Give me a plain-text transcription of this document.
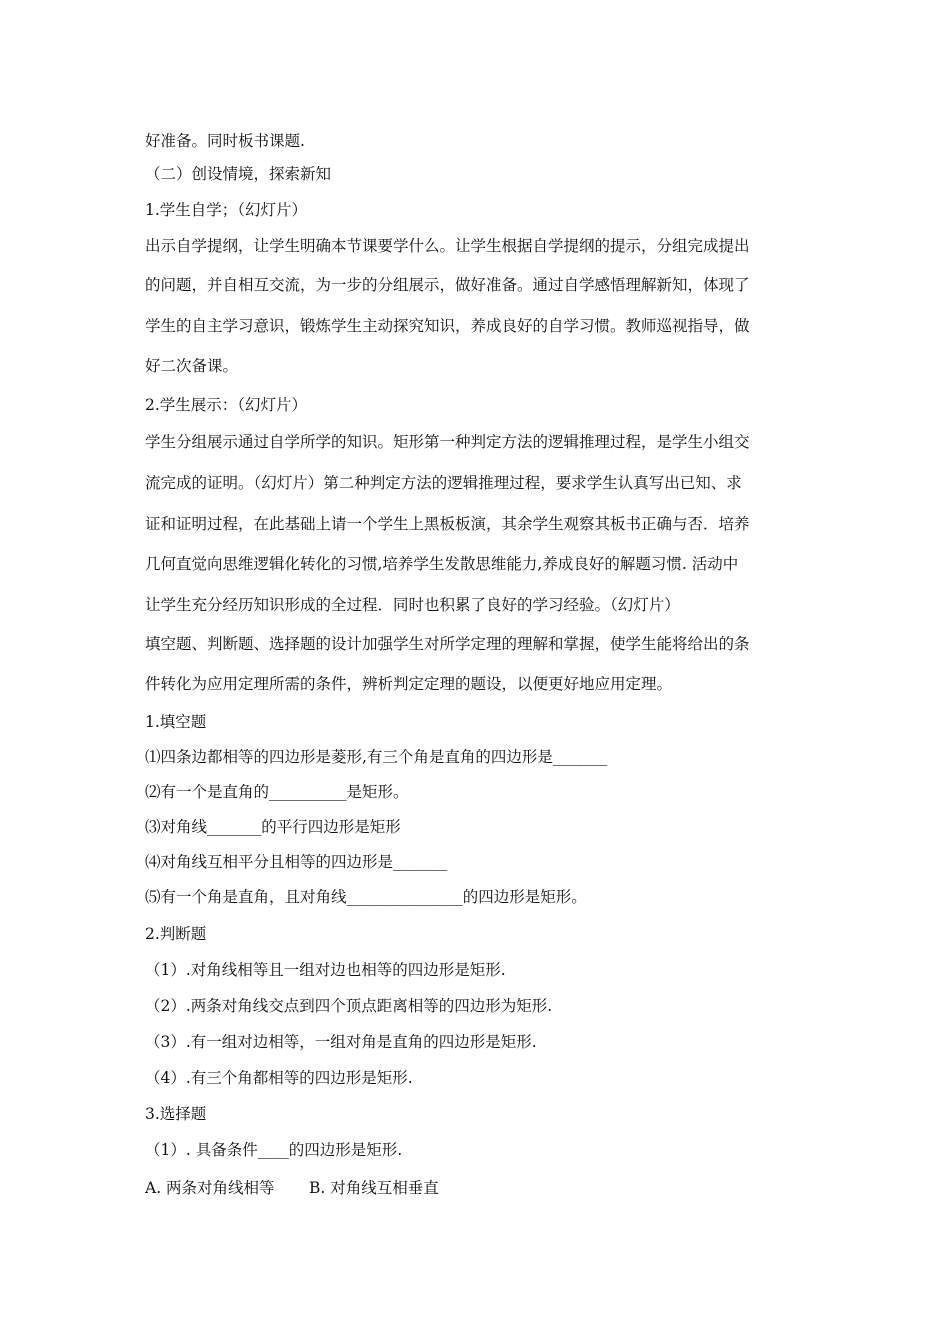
好准备。同时板书课题.

（二）创设情境，探索新知

1.学生自学；（幻灯片）

出示自学提纲，让学生明确本节课要学什么。让学生根据自学提纲的提示，分组完成提出

的问题，并自相互交流，为一步的分组展示，做好准备。通过自学感悟理解新知，体现了

学生的自主学习意识，锻炼学生主动探究知识，养成良好的自学习惯。教师巡视指导，做

好二次备课。

2.学生展示：（幻灯片）

学生分组展示通过自学所学的知识。矩形第一种判定方法的逻辑推理过程，是学生小组交

流完成的证明。（幻灯片）第二种判定方法的逻辑推理过程，要求学生认真写出已知、求

证和证明过程，在此基础上请一个学生上黑板板演，其余学生观察其板书正确与否．培养

几何直觉向思维逻辑化转化的习惯,培养学生发散思维能力,养成良好的解题习惯. 活动中

让学生充分经历知识形成的全过程．同时也积累了良好的学习经验。（幻灯片）

填空题、判断题、选择题的设计加强学生对所学定理的理解和掌握，使学生能将给出的条

件转化为应用定理所需的条件，辨析判定定理的题设，以便更好地应用定理。

1.填空题

⑴四条边都相等的四边形是菱形,有三个角是直角的四边形是_______

⑵有一个是直角的__________是矩形。

⑶对角线_______的平行四边形是矩形

⑷对角线互相平分且相等的四边形是_______

⑸有一个角是直角，且对角线_______________的四边形是矩形。

2.判断题

（1）.对角线相等且一组对边也相等的四边形是矩形.

（2）.两条对角线交点到四个顶点距离相等的四边形为矩形.

（3）.有一组对边相等，一组对角是直角的四边形是矩形.

（4）.有三个角都相等的四边形是矩形.

3.选择题

（1）. 具备条件____的四边形是矩形.

A. 两条对角线相等       B. 对角线互相垂直
